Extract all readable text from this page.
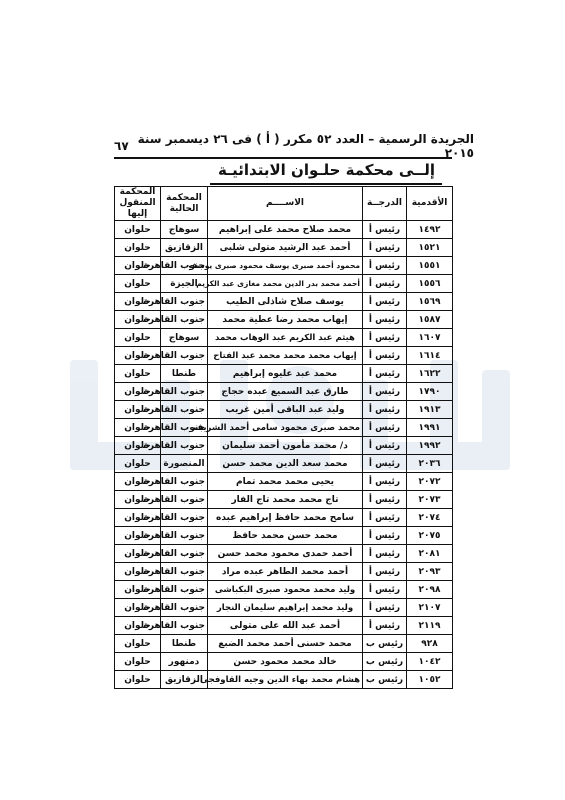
٦٧ الجريدة الرسمية – العدد ٥٢ مكرر ( أ ) فى ٢٦ ديسمبر سنة ٢٠١٥
إلــى محكمة حلـوان الابتدائيـة
الأقدمية	الدرجــة	الاســــم	المحكمة الحالية	المحكمة المنقول إليها
١٤٩٢	رئيس أ	محمد صلاح محمد على إبراهيم	سوهاج	حلوان
١٥٢١	رئيس أ	أحمد عبد الرشيد متولى شلبى	الزقازيق	حلوان
١٥٥١	رئيس أ	محمود أحمد صبرى يوسف محمود صبرى يوسف	جنوب القاهرة	حلوان
١٥٥٦	رئيس أ	أحمد محمد بدر الدين محمد مغازى عبد الكريم	الجيزة	حلوان
١٥٦٩	رئيس أ	يوسف صلاح شاذلى الطيب	جنوب القاهرة	حلوان
١٥٨٧	رئيس أ	إيهاب محمد رضا عطية محمد	جنوب القاهرة	حلوان
١٦٠٧	رئيس أ	هيثم عبد الكريم عبد الوهاب محمد	سوهاج	حلوان
١٦١٤	رئيس أ	إيهاب محمد محمد محمد عبد الفتاح	جنوب القاهرة	حلوان
١٦٢٢	رئيس أ	محمد عبد عليوه إبراهيم	طنطا	حلوان
١٧٩٠	رئيس أ	طارق عبد السميع عبده حجاج	جنوب القاهرة	حلوان
١٩١٣	رئيس أ	وليد عبد الباقى أمين غريب	جنوب القاهرة	حلوان
١٩٩١	رئيس أ	محمد صبرى محمود سامى أحمد الشريف	جنوب القاهرة	حلوان
١٩٩٢	رئيس أ	د/ محمد مأمون أحمد سليمان	جنوب القاهرة	حلوان
٢٠٣٦	رئيس أ	محمد سعد الدين محمد حسن	المنصورة	حلوان
٢٠٧٢	رئيس أ	يحيى محمد محمد تمام	جنوب القاهرة	حلوان
٢٠٧٣	رئيس أ	تاج محمد محمد تاج الفار	جنوب القاهرة	حلوان
٢٠٧٤	رئيس أ	سامح محمد حافظ إبراهيم عبده	جنوب القاهرة	حلوان
٢٠٧٥	رئيس أ	محمد حسن محمد حافظ	جنوب القاهرة	حلوان
٢٠٨١	رئيس أ	أحمد حمدى محمود محمد حسن	جنوب القاهرة	حلوان
٢٠٩٣	رئيس أ	أحمد محمد الطاهر عبده مراد	جنوب القاهرة	حلوان
٢٠٩٨	رئيس أ	وليد محمد محمود صبرى البكباشى	جنوب القاهرة	حلوان
٢١٠٧	رئيس أ	وليد محمد إبراهيم سليمان النجار	جنوب القاهرة	حلوان
٢١١٩	رئيس أ	أحمد عبد الله على متولى	جنوب القاهرة	حلوان
٩٢٨	رئيس ب	محمد حسنى أحمد محمد الضبع	طنطا	حلوان
١٠٤٢	رئيس ب	خالد محمد محمود حسن	دمنهور	حلوان
١٠٥٢	رئيس ب	هشام محمد بهاء الدين وجيه القاوفجى	الزقازيق	حلوان
